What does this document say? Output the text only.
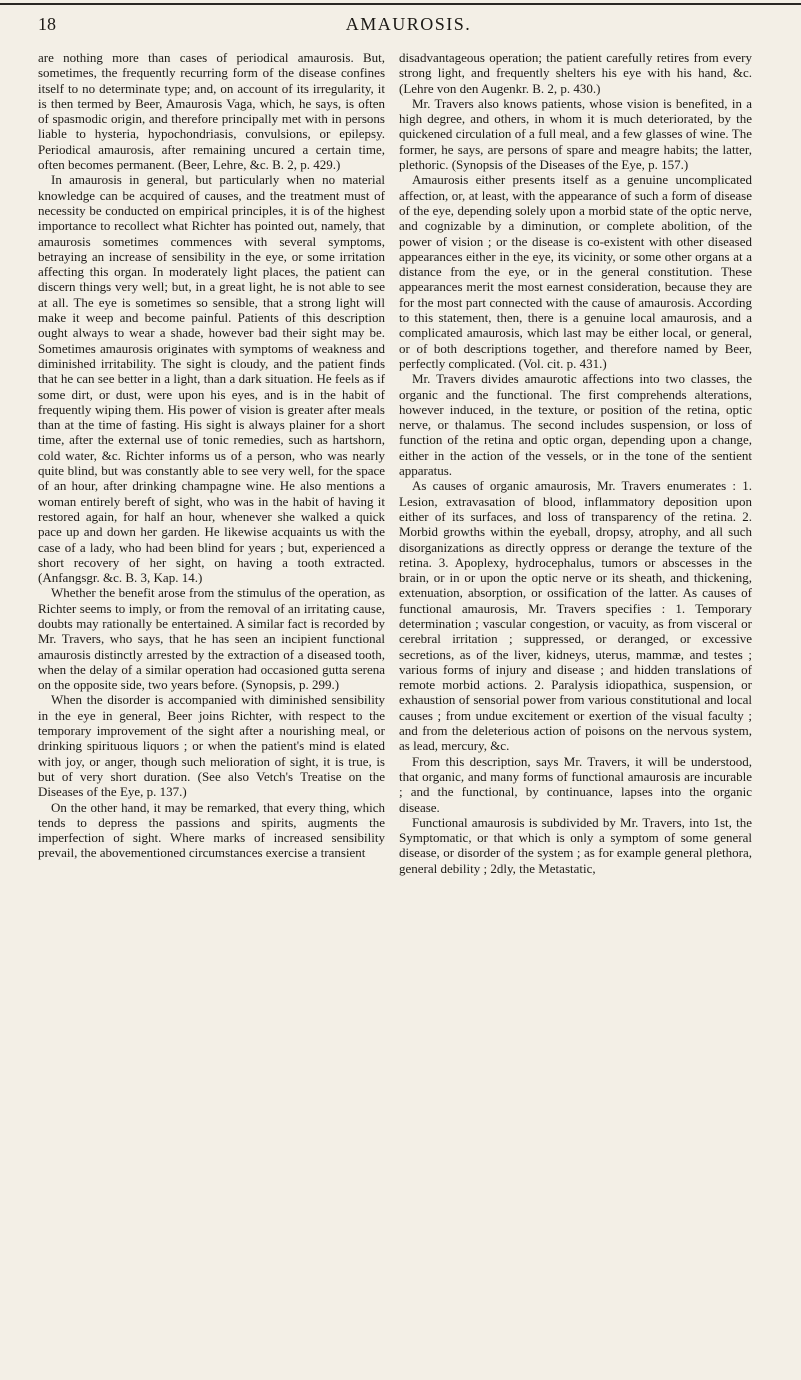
18	AMAUROSIS.

are nothing more than cases of periodical amaurosis. But, sometimes, the frequently recurring form of the disease confines itself to no determinate type; and, on account of its irregularity, it is then termed by Beer, Amaurosis Vaga, which, he says, is often of spasmodic origin, and therefore principally met with in persons liable to hysteria, hypochondriasis, convulsions, or epilepsy. Periodical amaurosis, after remaining uncured a certain time, often becomes permanent. (Beer, Lehre, &c. B. 2, p. 429.)

In amaurosis in general, but particularly when no material knowledge can be acquired of causes, and the treatment must of necessity be conducted on empirical principles, it is of the highest importance to recollect what Richter has pointed out, namely, that amaurosis sometimes commences with several symptoms, betraying an increase of sensibility in the eye, or some irritation affecting this organ. In moderately light places, the patient can discern things very well; but, in a great light, he is not able to see at all. The eye is sometimes so sensible, that a strong light will make it weep and become painful. Patients of this description ought always to wear a shade, however bad their sight may be. Sometimes amaurosis originates with symptoms of weakness and diminished irritability. The sight is cloudy, and the patient finds that he can see better in a light, than a dark situation. He feels as if some dirt, or dust, were upon his eyes, and is in the habit of frequently wiping them. His power of vision is greater after meals than at the time of fasting. His sight is always plainer for a short time, after the external use of tonic remedies, such as hartshorn, cold water, &c. Richter informs us of a person, who was nearly quite blind, but was constantly able to see very well, for the space of an hour, after drinking champagne wine. He also mentions a woman entirely bereft of sight, who was in the habit of having it restored again, for half an hour, whenever she walked a quick pace up and down her garden. He likewise acquaints us with the case of a lady, who had been blind for years ; but, experienced a short recovery of her sight, on having a tooth extracted. (Anfangsgr. &c. B. 3, Kap. 14.)

Whether the benefit arose from the stimulus of the operation, as Richter seems to imply, or from the removal of an irritating cause, doubts may rationally be entertained. A similar fact is recorded by Mr. Travers, who says, that he has seen an incipient functional amaurosis distinctly arrested by the extraction of a diseased tooth, when the delay of a similar operation had occasioned gutta serena on the opposite side, two years before. (Synopsis, p. 299.)

When the disorder is accompanied with diminished sensibility in the eye in general, Beer joins Richter, with respect to the temporary improvement of the sight after a nourishing meal, or drinking spirituous liquors ; or when the patient's mind is elated with joy, or anger, though such melioration of sight, it is true, is but of very short duration. (See also Vetch's Treatise on the Diseases of the Eye, p. 137.)

On the other hand, it may be remarked, that every thing, which tends to depress the passions and spirits, augments the imperfection of sight. Where marks of increased sensibility prevail, the abovementioned circumstances exercise a transient

disadvantageous operation; the patient carefully retires from every strong light, and frequently shelters his eye with his hand, &c. (Lehre von den Augenkr. B. 2, p. 430.)

Mr. Travers also knows patients, whose vision is benefited, in a high degree, and others, in whom it is much deteriorated, by the quickened circulation of a full meal, and a few glasses of wine. The former, he says, are persons of spare and meagre habits; the latter, plethoric. (Synopsis of the Diseases of the Eye, p. 157.)

Amaurosis either presents itself as a genuine uncomplicated affection, or, at least, with the appearance of such a form of disease of the eye, depending solely upon a morbid state of the optic nerve, and cognizable by a diminution, or complete abolition, of the power of vision ; or the disease is co-existent with other diseased appearances either in the eye, its vicinity, or some other organs at a distance from the eye, or in the general constitution. These appearances merit the most earnest consideration, because they are for the most part connected with the cause of amaurosis. According to this statement, then, there is a genuine local amaurosis, and a complicated amaurosis, which last may be either local, or general, or of both descriptions together, and therefore named by Beer, perfectly complicated. (Vol. cit. p. 431.)

Mr. Travers divides amaurotic affections into two classes, the organic and the functional. The first comprehends alterations, however induced, in the texture, or position of the retina, optic nerve, or thalamus. The second includes suspension, or loss of function of the retina and optic organ, depending upon a change, either in the action of the vessels, or in the tone of the sentient apparatus.

As causes of organic amaurosis, Mr. Travers enumerates : 1. Lesion, extravasation of blood, inflammatory deposition upon either of its surfaces, and loss of transparency of the retina. 2. Morbid growths within the eyeball, dropsy, atrophy, and all such disorganizations as directly oppress or derange the texture of the retina. 3. Apoplexy, hydrocephalus, tumors or abscesses in the brain, or in or upon the optic nerve or its sheath, and thickening, extenuation, absorption, or ossification of the latter. As causes of functional amaurosis, Mr. Travers specifies : 1. Temporary determination ; vascular congestion, or vacuity, as from visceral or cerebral irritation ; suppressed, or deranged, or excessive secretions, as of the liver, kidneys, uterus, mammæ, and testes ; various forms of injury and disease ; and hidden translations of remote morbid actions. 2. Paralysis idiopathica, suspension, or exhaustion of sensorial power from various constitutional and local causes ; from undue excitement or exertion of the visual faculty ; and from the deleterious action of poisons on the nervous system, as lead, mercury, &c.

From this description, says Mr. Travers, it will be understood, that organic, and many forms of functional amaurosis are incurable ; and the functional, by continuance, lapses into the organic disease.

Functional amaurosis is subdivided by Mr. Travers, into 1st, the Symptomatic, or that which is only a symptom of some general disease, or disorder of the system ; as for example general plethora, general debility ; 2dly, the Metastatic,
